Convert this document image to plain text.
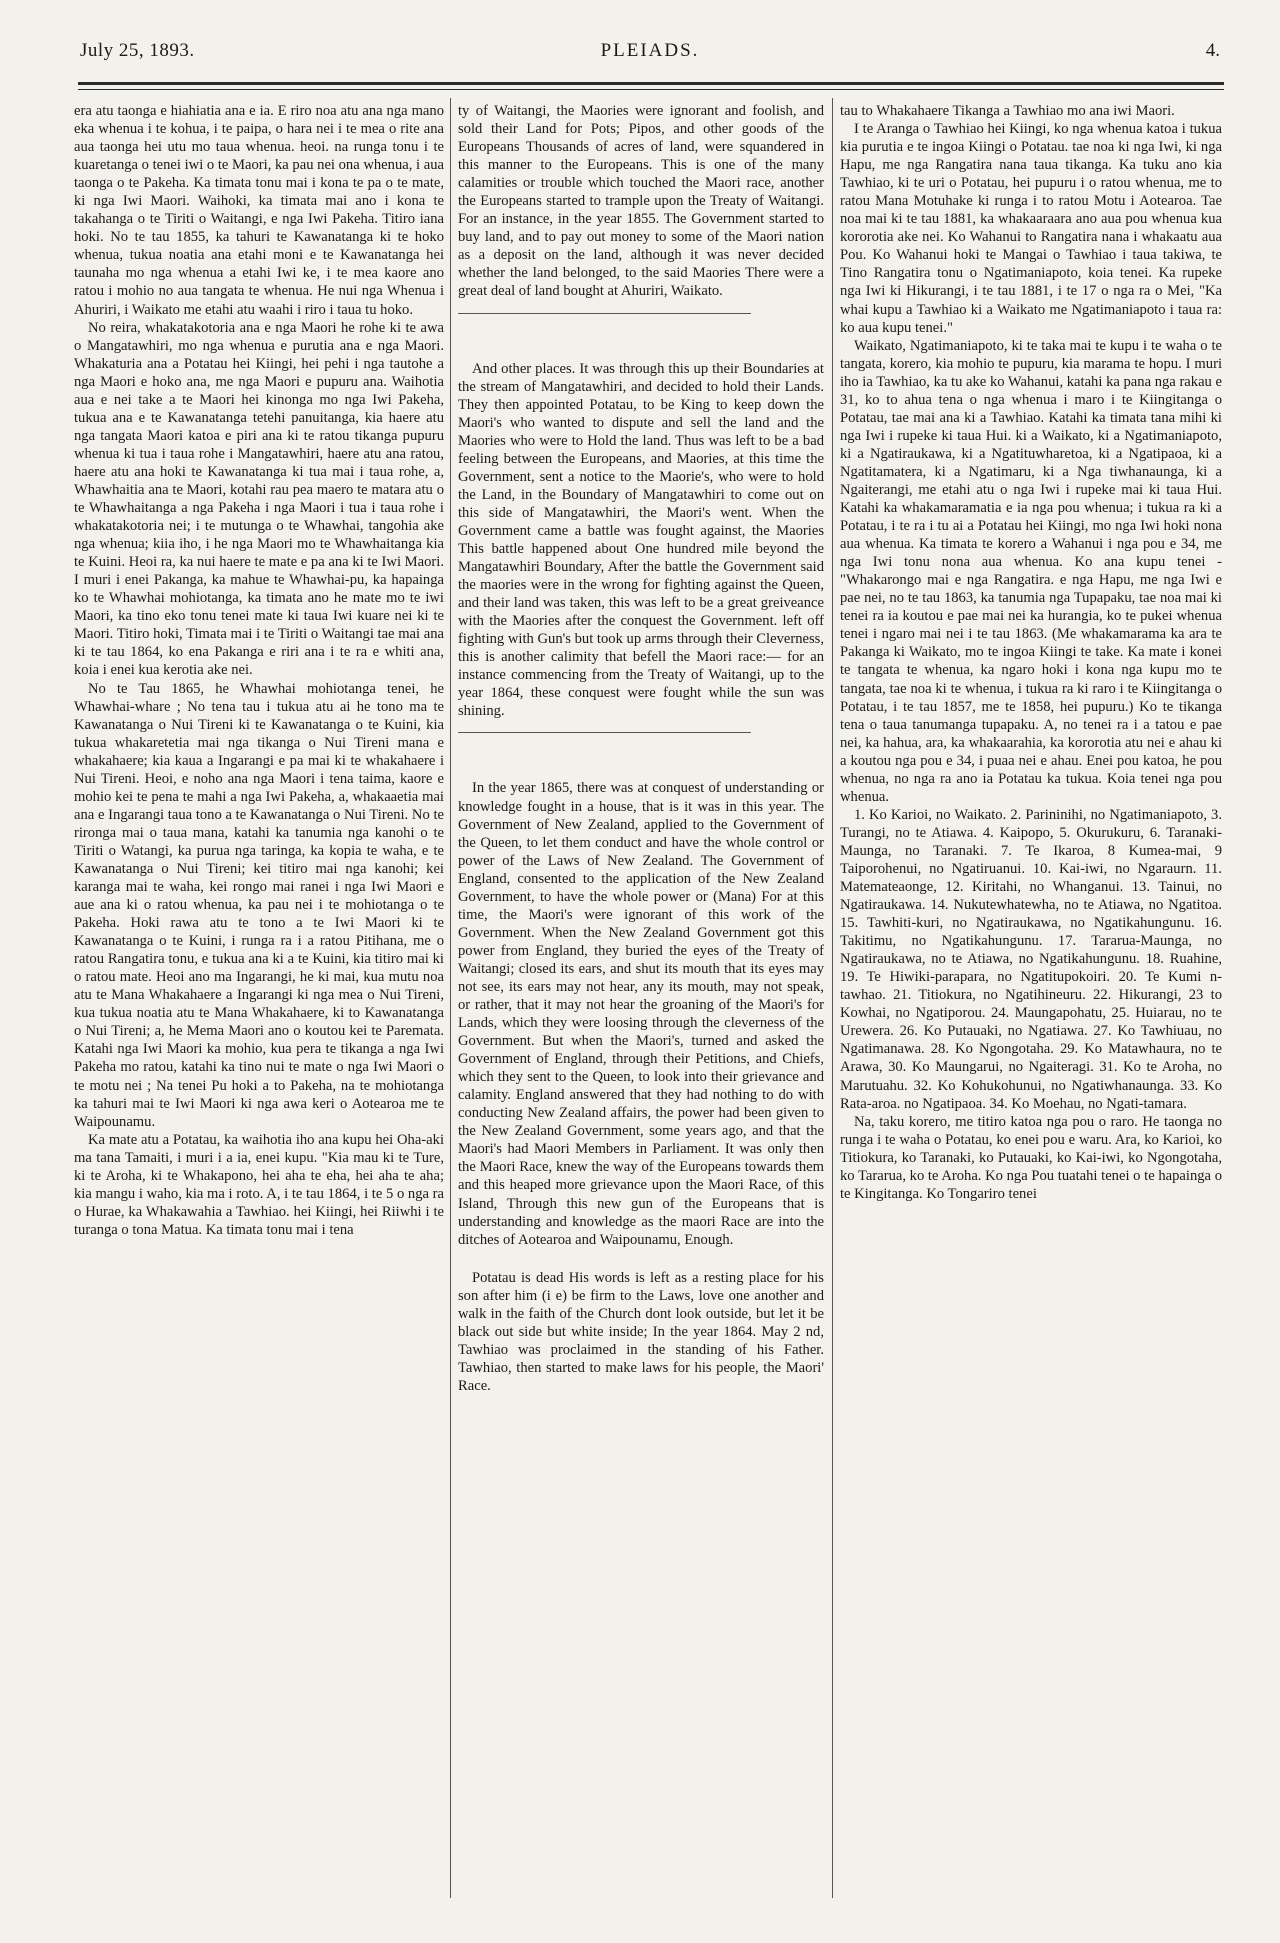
July 25, 1893.	PLEIADS.	4.

era atu taonga e hiahiatia ana e ia. E riro noa atu ana nga mano eka whenua i te kohua, i te paipa, o hara nei i te mea o rite ana aua taonga hei utu mo taua whenua. heoi. na runga tonu i te kuaretanga o tenei iwi o te Maori, ka pau nei ona whenua, i aua taonga o te Pakeha. Ka timata tonu mai i kona te pa o te mate, ki nga Iwi Maori. Waihoki, ka timata mai ano i kona te takahanga o te Tiriti o Waitangi, e nga Iwi Pakeha. Titiro iana hoki. No te tau 1855, ka tahuri te Kawanatanga ki te hoko whenua, tukua noatia ana etahi moni e te Kawanatanga hei taunaha mo nga whenua a etahi Iwi ke, i te mea kaore ano ratou i mohio no aua tangata te whenua. He nui nga Whenua i Ahuriri, i Waikato me etahi atu waahi i riro i taua tu hoko.

No reira, whakatakotoria ana e nga Maori he rohe ki te awa o Mangatawhiri, mo nga whenua e purutia ana e nga Maori. Whakaturia ana a Potatau hei Kiingi, hei pehi i nga tautohe a nga Maori e hoko ana, me nga Maori e pupuru ana. Waihotia aua e nei take a te Maori hei kinonga mo nga Iwi Pakeha, tukua ana e te Kawanatanga tetehi panuitanga, kia haere atu nga tangata Maori katoa e piri ana ki te ratou tikanga pupuru whenua ki tua i taua rohe i Mangatawhiri, haere atu ana ratou, haere atu ana hoki te Kawanatanga ki tua mai i taua rohe, a, Whawhaitia ana te Maori, kotahi rau pea maero te matara atu o te Whawhaitanga a nga Pakeha i nga Maori i tua i taua rohe i whakatakotoria nei; i te mutunga o te Whawhai, tangohia ake nga whenua; kiia iho, i he nga Maori mo te Whawhaitanga kia te Kuini. Heoi ra, ka nui haere te mate e pa ana ki te Iwi Maori. I muri i enei Pakanga, ka mahue te Whawhai-pu, ka hapainga ko te Whawhai mohiotanga, ka timata ano he mate mo te iwi Maori, ka tino eko tonu tenei mate ki taua Iwi kuare nei ki te Maori. Titiro hoki, Timata mai i te Tiriti o Waitangi tae mai ana ki te tau 1864, ko ena Pakanga e riri ana i te ra e whiti ana, koia i enei kua kerotia ake nei.

No te Tau 1865, he Whawhai mohiotanga tenei, he Whawhai-whare ; No tena tau i tukua atu ai he tono ma te Kawanatanga o Nui Tireni ki te Kawanatanga o te Kuini, kia tukua whakaretetia mai nga tikanga o Nui Tireni mana e whakahaere; kia kaua a Ingarangi e pa mai ki te whakahaere i Nui Tireni. Heoi, e noho ana nga Maori i tena taima, kaore e mohio kei te pena te mahi a nga Iwi Pakeha, a, whakaaetia mai ana e Ingarangi taua tono a te Kawanatanga o Nui Tireni. No te rironga mai o taua mana, katahi ka tanumia nga kanohi o te Tiriti o Watangi, ka purua nga taringa, ka kopia te waha, e te Kawanatanga o Nui Tireni; kei titiro mai nga kanohi; kei karanga mai te waha, kei rongo mai ranei i nga Iwi Maori e aue ana ki o ratou whenua, ka pau nei i te mohiotanga o te Pakeha. Hoki rawa atu te tono a te Iwi Maori ki te Kawanatanga o te Kuini, i runga ra i a ratou Pitihana, me o ratou Rangatira tonu, e tukua ana ki a te Kuini, kia titiro mai ki o ratou mate. Heoi ano ma Ingarangi, he ki mai, kua mutu noa atu te Mana Whakahaere a Ingarangi ki nga mea o Nui Tireni, kua tukua noatia atu te Mana Whakahaere, ki to Kawanatanga o Nui Tireni; a, he Mema Maori ano o koutou kei te Paremata. Katahi nga Iwi Maori ka mohio, kua pera te tikanga a nga Iwi Pakeha mo ratou, katahi ka tino nui te mate o nga Iwi Maori o te motu nei ; Na tenei Pu hoki a to Pakeha, na te mohiotanga ka tahuri mai te Iwi Maori ki nga awa keri o Aotearoa me te Waipounamu.

Ka mate atu a Potatau, ka waihotia iho ana kupu hei Oha-aki ma tana Tamaiti, i muri i a ia, enei kupu. "Kia mau ki te Ture, ki te Aroha, ki te Whakapono, hei aha te eha, hei aha te aha; kia mangu i waho, kia ma i roto. A, i te tau 1864, i te 5 o nga ra o Hurae, ka Whakawahia a Tawhiao. hei Kiingi, hei Riiwhi i te turanga o tona Matua. Ka timata tonu mai i tena

ty of Waitangi, the Maories were ignorant and foolish, and sold their Land for Pots; Pipos, and other goods of the Europeans Thousands of acres of land, were squandered in this manner to the Europeans. This is one of the many calamities or trouble which touched the Maori race, another the Europeans started to trample upon the Treaty of Waitangi. For an instance, in the year 1855. The Government started to buy land, and to pay out money to some of the Maori nation as a deposit on the land, although it was never decided whether the land belonged, to the said Maories There were a great deal of land bought at Ahuriri, Waikato.

And other places. It was through this up their Boundaries at the stream of Mangatawhiri, and decided to hold their Lands. They then appointed Potatau, to be King to keep down the Maori's who wanted to dispute and sell the land and the Maories who were to Hold the land. Thus was left to be a bad feeling between the Europeans, and Maories, at this time the Government, sent a notice to the Maorie's, who were to hold the Land, in the Boundary of Mangatawhiri to come out on this side of Mangatawhiri, the Maori's went. When the Government came a battle was fought against, the Maories This battle happened about One hundred mile beyond the Mangatawhiri Boundary, After the battle the Government said the maories were in the wrong for fighting against the Queen, and their land was taken, this was left to be a great greiveance with the Maories after the conquest the Government. left off fighting with Gun's but took up arms through their Cleverness, this is another calimity that befell the Maori race:— for an instance commencing from the Treaty of Waitangi, up to the year 1864, these conquest were fought while the sun was shining.

In the year 1865, there was at conquest of understanding or knowledge fought in a house, that is it was in this year. The Government of New Zealand, applied to the Government of the Queen, to let them conduct and have the whole control or power of the Laws of New Zealand. The Government of England, consented to the application of the New Zealand Government, to have the whole power or (Mana) For at this time, the Maori's were ignorant of this work of the Government. When the New Zealand Government got this power from England, they buried the eyes of the Treaty of Waitangi; closed its ears, and shut its mouth that its eyes may not see, its ears may not hear, any its mouth, may not speak, or rather, that it may not hear the groaning of the Maori's for Lands, which they were loosing through the cleverness of the Government. But when the Maori's, turned and asked the Government of England, through their Petitions, and Chiefs, which they sent to the Queen, to look into their grievance and calamity. England answered that they had nothing to do with conducting New Zealand affairs, the power had been given to the New Zealand Government, some years ago, and that the Maori's had Maori Members in Parliament. It was only then the Maori Race, knew the way of the Europeans towards them and this heaped more grievance upon the Maori Race, of this Island, Through this new gun of the Europeans that is understanding and knowledge as the maori Race are into the ditches of Aotearoa and Waipounamu, Enough.

Potatau is dead His words is left as a resting place for his son after him (i e) be firm to the Laws, love one another and walk in the faith of the Church dont look outside, but let it be black out side but white inside; In the year 1864. May 2 nd, Tawhiao was proclaimed in the standing of his Father. Tawhiao, then started to make laws for his people, the Maori' Race.

tau to Whakahaere Tikanga a Tawhiao mo ana iwi Maori.

I te Aranga o Tawhiao hei Kiingi, ko nga whenua katoa i tukua kia purutia e te ingoa Kiingi o Potatau. tae noa ki nga Iwi, ki nga Hapu, me nga Rangatira nana taua tikanga. Ka tuku ano kia Tawhiao, ki te uri o Potatau, hei pupuru i o ratou whenua, me to ratou Mana Motuhake ki runga i to ratou Motu i Aotearoa. Tae noa mai ki te tau 1881, ka whakaaraara ano aua pou whenua kua kororotia ake nei. Ko Wahanui to Rangatira nana i whakaatu aua Pou. Ko Wahanui hoki te Mangai o Tawhiao i taua takiwa, te Tino Rangatira tonu o Ngatimaniapoto, koia tenei. Ka rupeke nga Iwi ki Hikurangi, i te tau 1881, i te 17 o nga ra o Mei, "Ka whai kupu a Tawhiao ki a Waikato me Ngatimaniapoto i taua ra: ko aua kupu tenei."

Waikato, Ngatimaniapoto, ki te taka mai te kupu i te waha o te tangata, korero, kia mohio te pupuru, kia marama te hopu. I muri iho ia Tawhiao, ka tu ake ko Wahanui, katahi ka pana nga rakau e 31, ko to ahua tena o nga whenua i maro i te Kiingitanga o Potatau, tae mai ana ki a Tawhiao. Katahi ka timata tana mihi ki nga Iwi i rupeke ki taua Hui. ki a Waikato, ki a Ngatimaniapoto, ki a Ngatiraukawa, ki a Ngatituwharetoa, ki a Ngatipaoa, ki a Ngatitamatera, ki a Ngatimaru, ki a Nga tiwhanaunga, ki a Ngaiterangi, me etahi atu o nga Iwi i rupeke mai ki taua Hui. Katahi ka whakamaramatia e ia nga pou whenua; i tukua ra ki a Potatau, i te ra i tu ai a Potatau hei Kiingi, mo nga Iwi hoki nona aua whenua. Ka timata te korero a Wahanui i nga pou e 34, me nga Iwi tonu nona aua whenua. Ko ana kupu tenei - "Whakarongo mai e nga Rangatira. e nga Hapu, me nga Iwi e pae nei, no te tau 1863, ka tanumia nga Tupapaku, tae noa mai ki tenei ra ia koutou e pae mai nei ka hurangia, ko te pukei whenua tenei i ngaro mai nei i te tau 1863. (Me whakamarama ka ara te Pakanga ki Waikato, mo te ingoa Kiingi te take. Ka mate i konei te tangata te whenua, ka ngaro hoki i kona nga kupu mo te tangata, tae noa ki te whenua, i tukua ra ki raro i te Kiingitanga o Potatau, i te tau 1857, me te 1858, hei pupuru.) Ko te tikanga tena o taua tanumanga tupapaku. A, no tenei ra i a tatou e pae nei, ka hahua, ara, ka whakaarahia, ka kororotia atu nei e ahau ki a koutou nga pou e 34, i puaa nei e ahau. Enei pou katoa, he pou whenua, no nga ra ano ia Potatau ka tukua. Koia tenei nga pou whenua.

1. Ko Karioi, no Waikato. 2. Parininihi, no Ngatimaniapoto, 3. Turangi, no te Atiawa. 4. Kaipopo, 5. Okurukuru, 6. Taranaki-Maunga, no Taranaki. 7. Te Ikaroa, 8 Kumea-mai, 9 Taiporohenui, no Ngatiruanui. 10. Kai-iwi, no Ngaraurn. 11. Matemateaonge, 12. Kiritahi, no Whanganui. 13. Tainui, no Ngatiraukawa. 14. Nukutewhatewha, no te Atiawa, no Ngatitoa. 15. Tawhiti-kuri, no Ngatiraukawa, no Ngatikahungunu. 16. Takitimu, no Ngatikahungunu. 17. Tararua-Maunga, no Ngatiraukawa, no te Atiawa, no Ngatikahungunu. 18. Ruahine, 19. Te Hiwiki-parapara, no Ngatitupokoiri. 20. Te Kumi n-tawhao. 21. Titiokura, no Ngatihineuru. 22. Hikurangi, 23 to Kowhai, no Ngatiporou. 24. Maungapohatu, 25. Huiarau, no te Urewera. 26. Ko Putauaki, no Ngatiawa. 27. Ko Tawhiuau, no Ngatimanawa. 28. Ko Ngongotaha. 29. Ko Matawhaura, no te Arawa, 30. Ko Maungarui, no Ngaiteragi. 31. Ko te Aroha, no Marutuahu. 32. Ko Kohukohunui, no Ngatiwhanaunga. 33. Ko Rata-aroa. no Ngatipaoa. 34. Ko Moehau, no Ngati-tamara.

Na, taku korero, me titiro katoa nga pou o raro. He taonga no runga i te waha o Potatau, ko enei pou e waru. Ara, ko Karioi, ko Titiokura, ko Taranaki, ko Putauaki, ko Kai-iwi, ko Ngongotaha, ko Tararua, ko te Aroha. Ko nga Pou tuatahi tenei o te hapainga o te Kingitanga. Ko Tongariro tenei
